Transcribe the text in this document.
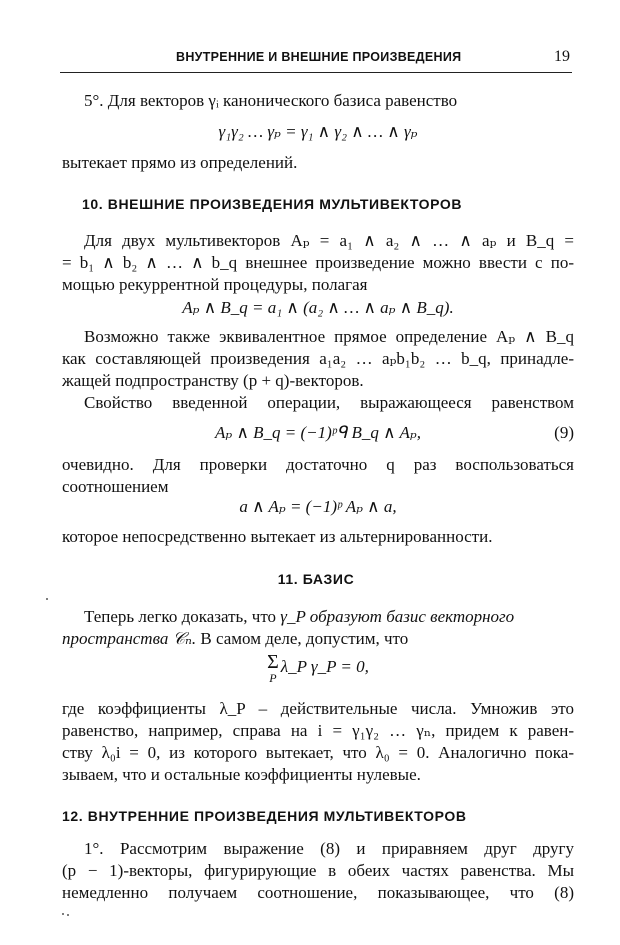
ВНУТРЕННИЕ И ВНЕШНИЕ ПРОИЗВЕДЕНИЯ	19
5°. Для векторов γᵢ канонического базиса равенство
γ₁γ₂ … γₚ = γ₁ ∧ γ₂ ∧ … ∧ γₚ
вытекает прямо из определений.
10. ВНЕШНИЕ ПРОИЗВЕДЕНИЯ МУЛЬТИВЕКТОРОВ
Для двух мультивекторов Aₚ = a₁ ∧ a₂ ∧ … ∧ aₚ и B_q =
= b₁ ∧ b₂ ∧ … ∧ b_q внешнее произведение можно ввести с по-
мощью рекуррентной процедуры, полагая
Aₚ ∧ B_q = a₁ ∧ (a₂ ∧ … ∧ aₚ ∧ B_q).
Возможно также эквивалентное прямое определение Aₚ ∧ B_q
как составляющей произведения a₁a₂ … aₚb₁b₂ … b_q, принадле-
жащей подпространству (p + q)-векторов.
Свойство введенной операции, выражающееся равенством
Aₚ ∧ B_q = (−1)ᵖᑫ B_q ∧ Aₚ,	(9)
очевидно. Для проверки достаточно q раз воспользоваться
соотношением
a ∧ Aₚ = (−1)ᵖ Aₚ ∧ a,
которое непосредственно вытекает из альтернированности.
11. БАЗИС
Теперь легко доказать, что γ_P образуют базис векторного
пространства 𝒞ₙ. В самом деле, допустим, что
Σ
P
λ_P γ_P = 0,
где коэффициенты λ_P – действительные числа. Умножив это
равенство, например, справа на i = γ₁γ₂ … γₙ, придем к равен-
ству λ₀i = 0, из которого вытекает, что λ₀ = 0. Аналогично пока-
зываем, что и остальные коэффициенты нулевые.
12. ВНУТРЕННИЕ ПРОИЗВЕДЕНИЯ МУЛЬТИВЕКТОРОВ
1°. Рассмотрим выражение (8) и приравняем друг другу
(p − 1)-векторы, фигурирующие в обеих частях равенства. Мы
немедленно получаем соотношение, показывающее, что (8)
